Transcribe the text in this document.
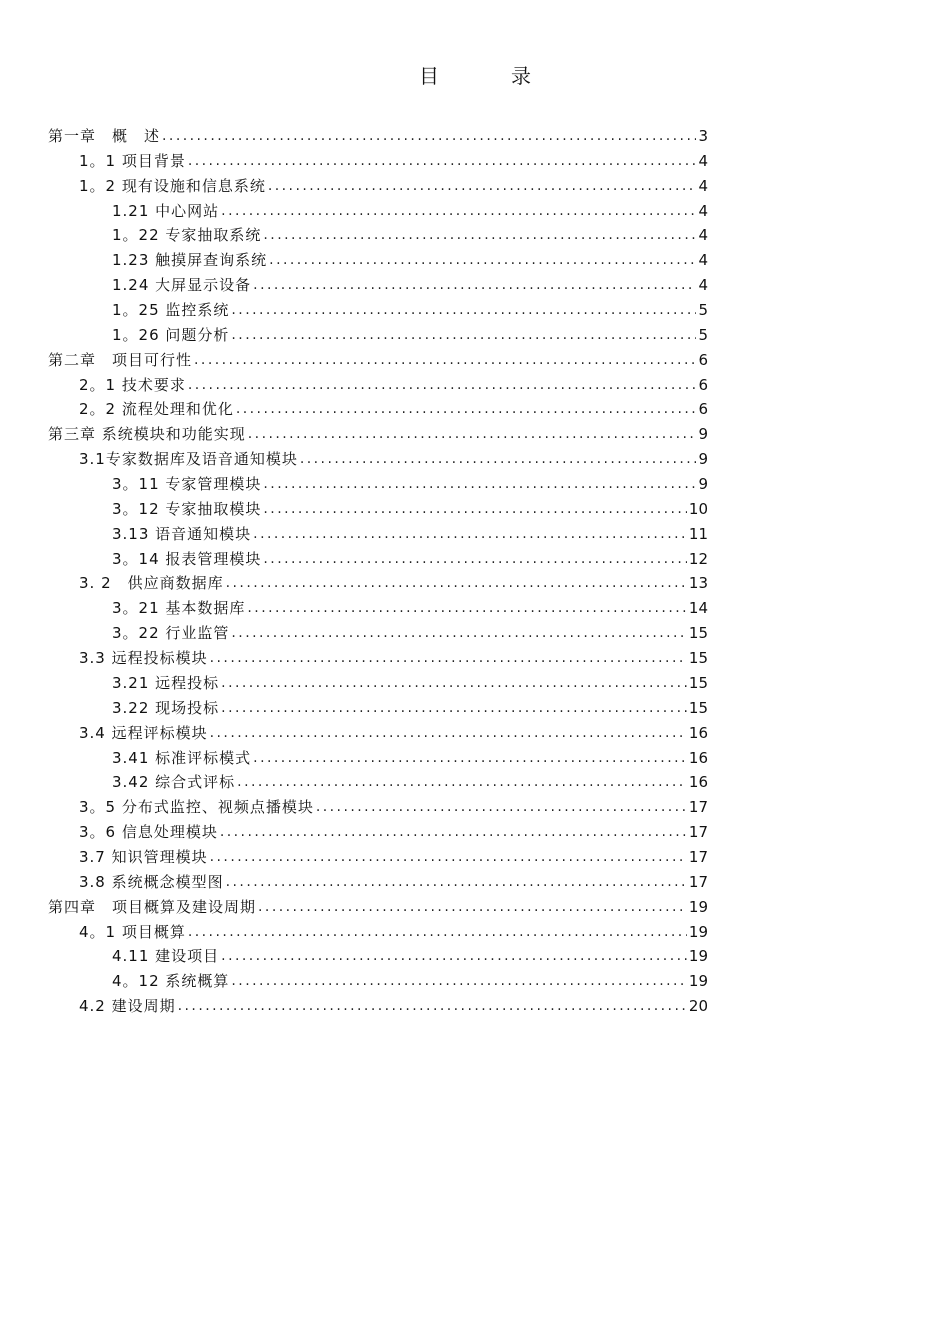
目　录
第一章　概　述 . . .	3
1。1 项目背景 . . .	4
1。2 现有设施和信息系统 . . .	4
1.21 中心网站 . . .	4
1。22 专家抽取系统 . . .	4
1.23 触摸屏查询系统 . . .	4
1.24 大屏显示设备 . . .	4
1。25 监控系统 . . .	5
1。26 问题分析 . . .	5
第二章　项目可行性 . . .	6
2。1 技术要求 . . .	6
2。2 流程处理和优化 . . .	6
第三章 系统模块和功能实现 . . .	9
3.1专家数据库及语音通知模块 . . .	9
3。11 专家管理模块 . . .	9
3。12 专家抽取模块 . . .	10
3.13 语音通知模块 . . .	11
3。14 报表管理模块 . . .	12
3. 2　供应商数据库 . . .	13
3。21 基本数据库 . . .	14
3。22 行业监管 . . .	15
3.3 远程投标模块 . . .	15
3.21 远程投标 . . .	15
3.22 现场投标 . . .	15
3.4 远程评标模块 . . .	16
3.41 标准评标模式 . . .	16
3.42 综合式评标 . . .	16
3。5 分布式监控、视频点播模块 . . .	17
3。6 信息处理模块 . . .	17
3.7 知识管理模块 . . .	17
3.8 系统概念模型图 . . .	17
第四章　项目概算及建设周期 . . .	19
4。1 项目概算 . . .	19
4.11 建设项目 . . .	19
4。12 系统概算 . . .	19
4.2 建设周期 . . .	20
